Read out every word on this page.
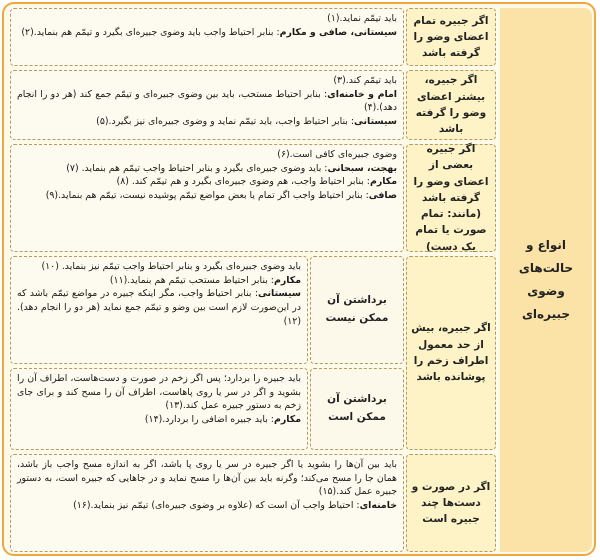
انواع و حالت‌های وضوی جبیره‌ای
اگر جبیره تمام اعضای وضو را گرفته باشد

باید تیمّم نماید.(۱)

سیستانی، صافی و مکارم: بنابر احتیاط واجب باید وضوی جبیره‌ای بگیرد و تیمّم هم بنماید.(۲)

اگر جبیره، بیشتر اعضای وضو را گرفته باشد

باید تیمّم کند.(۳)

امام و خامنه‌ای: بنابر احتیاط مستحب، باید بین وضوی جبیره‌ای و تیمّم جمع کند (هر دو را انجام دهد).(۴)

سیستانی: بنابر احتیاط واجب، باید تیمّم نماید و وضوی جبیره‌ای نیز بگیرد.(۵)

اگر جبیره بعضی از اعضای وضو را گرفته باشد (مانند: تمام صورت یا تمام یک دست)

وضوی جبیره‌ای کافی است.(۶)

بهجت، سبحانی: باید وضوی جبیره‌ای بگیرد و بنابر احتیاط واجب تیمّم هم بنماید. (۷)

مکارم: بنابر احتیاط واجب، هم وضوی جبیره‌ای بگیرد و هم تیمّم کند. (۸)

صافی: بنابر احتیاط واجب اگر تمام یا بعض مواضع تیمّم پوشیده نیست، تیمّم هم بنماید.(۹)

اگر جبیره، بیش از حد معمول اطراف زخم را پوشانده باشد
برداشتن آن ممکن نیست

باید وضوی جبیره‌ای بگیرد و بنابر احتیاط واجب تیمّم نیز بنماید. (۱۰)

مکارم: بنابر احتیاط مستحب تیمّم هم بنماید.(۱۱)

سیستانی: بنابر احتیاط واجب، مگر اینکه جبیره در مواضع تیمّم باشد که در این‌صورت لازم است بین وضو و تیمّم جمع نماید (هر دو را انجام دهد).(۱۲)

برداشتن آن ممکن است

باید جبیره را بردارد؛ پس اگر زخم در صورت و دست‌هاست، اطراف آن را بشوید و اگر در سر یا روی پاهاست، اطراف آن را مسح کند و برای جای زخم به دستور جبیره عمل کند.(۱۳)

مکارم: باید جبیره اضافی را بردارد.(۱۴)

اگر در صورت و دست‌ها چند جبیره است

باید بین آن‌ها را بشوید یا اگر جبیره در سر یا روی پا باشد، اگر به اندازه مسح واجب باز باشد، همان جا را مسح می‌کند؛ وگرنه باید بین آن‌ها را مسح نماید و در جاهایی که جبیره است، به دستور جبیره عمل کند.(۱۵)

خامنه‌ای: احتیاط واجب آن است که (علاوه بر وضوی جبیره‌ای) تیمّم نیز بنماید.(۱۶)
